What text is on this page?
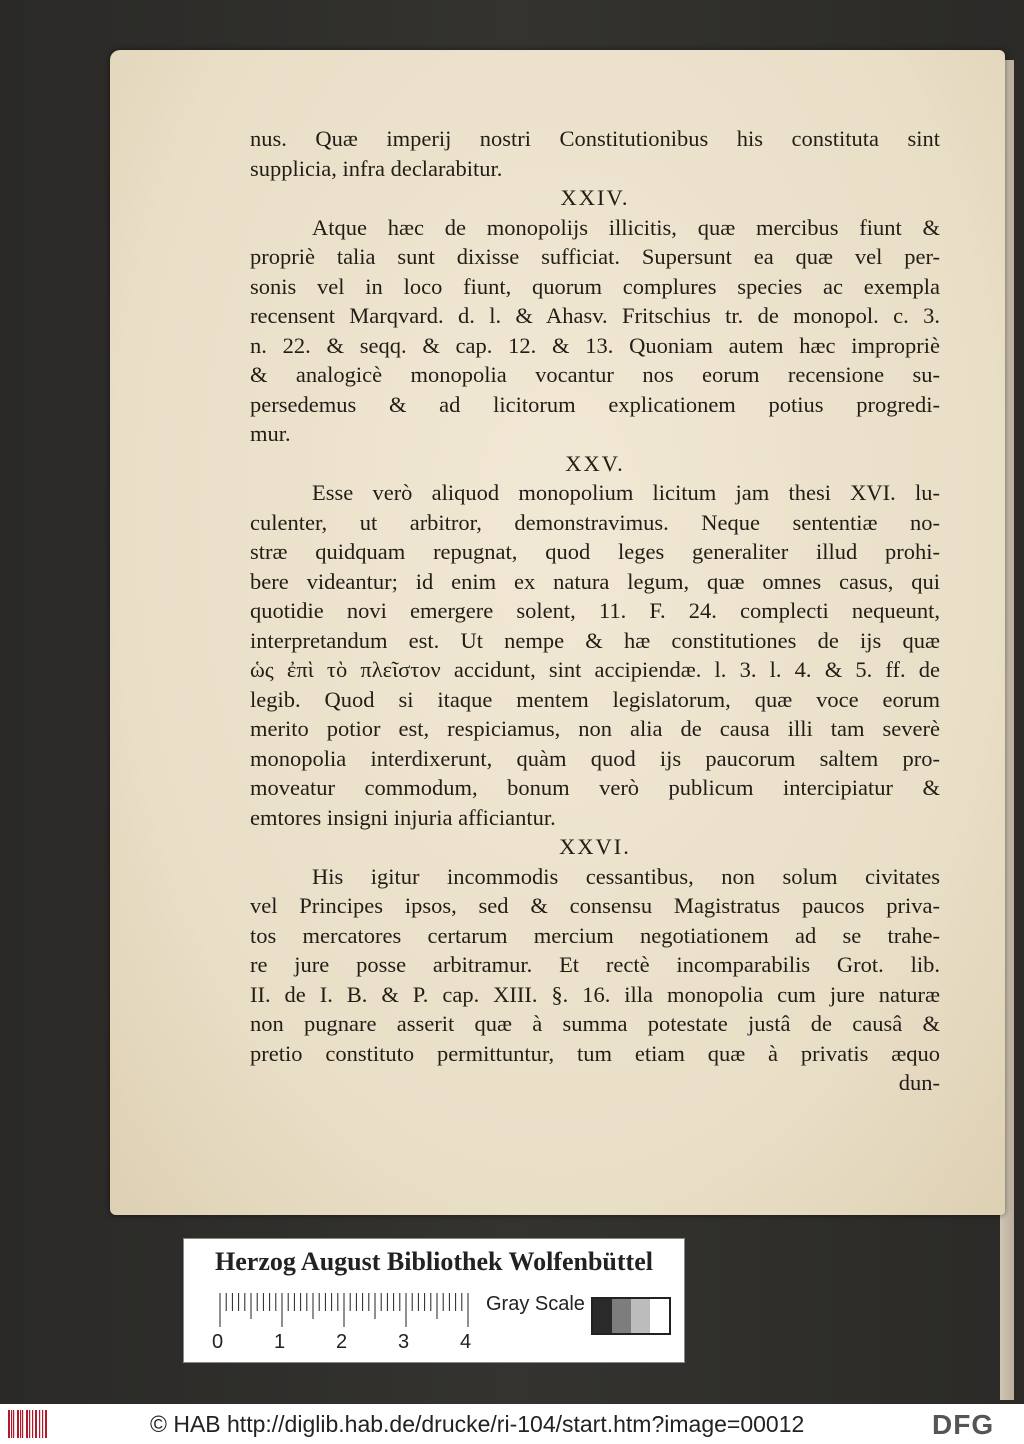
nus. Quæ imperij nostri Constitutionibus his constituta sint
supplicia, infra declarabitur.
XXIV.
Atque hæc de monopolijs illicitis, quæ mercibus fiunt &
propriè talia sunt dixisse sufficiat. Supersunt ea quæ vel per-
sonis vel in loco fiunt, quorum complures species ac exempla
recensent Marqvard. d. l. & Ahasv. Fritschius tr. de monopol. c. 3.
n. 22. & seqq. & cap. 12. & 13. Quoniam autem hæc impropriè
& analogicè monopolia vocantur nos eorum recensione su-
persedemus & ad licitorum explicationem potius progredi-
mur.
XXV.
Esse verò aliquod monopolium licitum jam thesi XVI. lu-
culenter, ut arbitror, demonstravimus. Neque sententiæ no-
stræ quidquam repugnat, quod leges generaliter illud prohi-
bere videantur; id enim ex natura legum, quæ omnes casus, qui
quotidie novi emergere solent, 11. F. 24. complecti nequeunt,
interpretandum est. Ut nempe & hæ constitutiones de ijs quæ
ὡς ἐπὶ τὸ πλεῖστον accidunt, sint accipiendæ. l. 3. l. 4. & 5. ff. de
legib. Quod si itaque mentem legislatorum, quæ voce eorum
merito potior est, respiciamus, non alia de causa illi tam severè
monopolia interdixerunt, quàm quod ijs paucorum saltem pro-
moveatur commodum, bonum verò publicum intercipiatur &
emtores insigni injuria afficiantur.
XXVI.
His igitur incommodis cessantibus, non solum civitates
vel Principes ipsos, sed & consensu Magistratus paucos priva-
tos mercatores certarum mercium negotiationem ad se trahe-
re jure posse arbitramur. Et rectè incomparabilis Grot. lib.
II. de I. B. & P. cap. XIII. §. 16. illa monopolia cum jure naturæ
non pugnare asserit quæ à summa potestate justâ de causâ &
pretio constituto permittuntur, tum etiam quæ à privatis æquo
dun-
Herzog August Bibliothek Wolfenbüttel
0	1	2	3	4
Gray Scale
© HAB http://diglib.hab.de/drucke/ri-104/start.htm?image=00012	DFG
